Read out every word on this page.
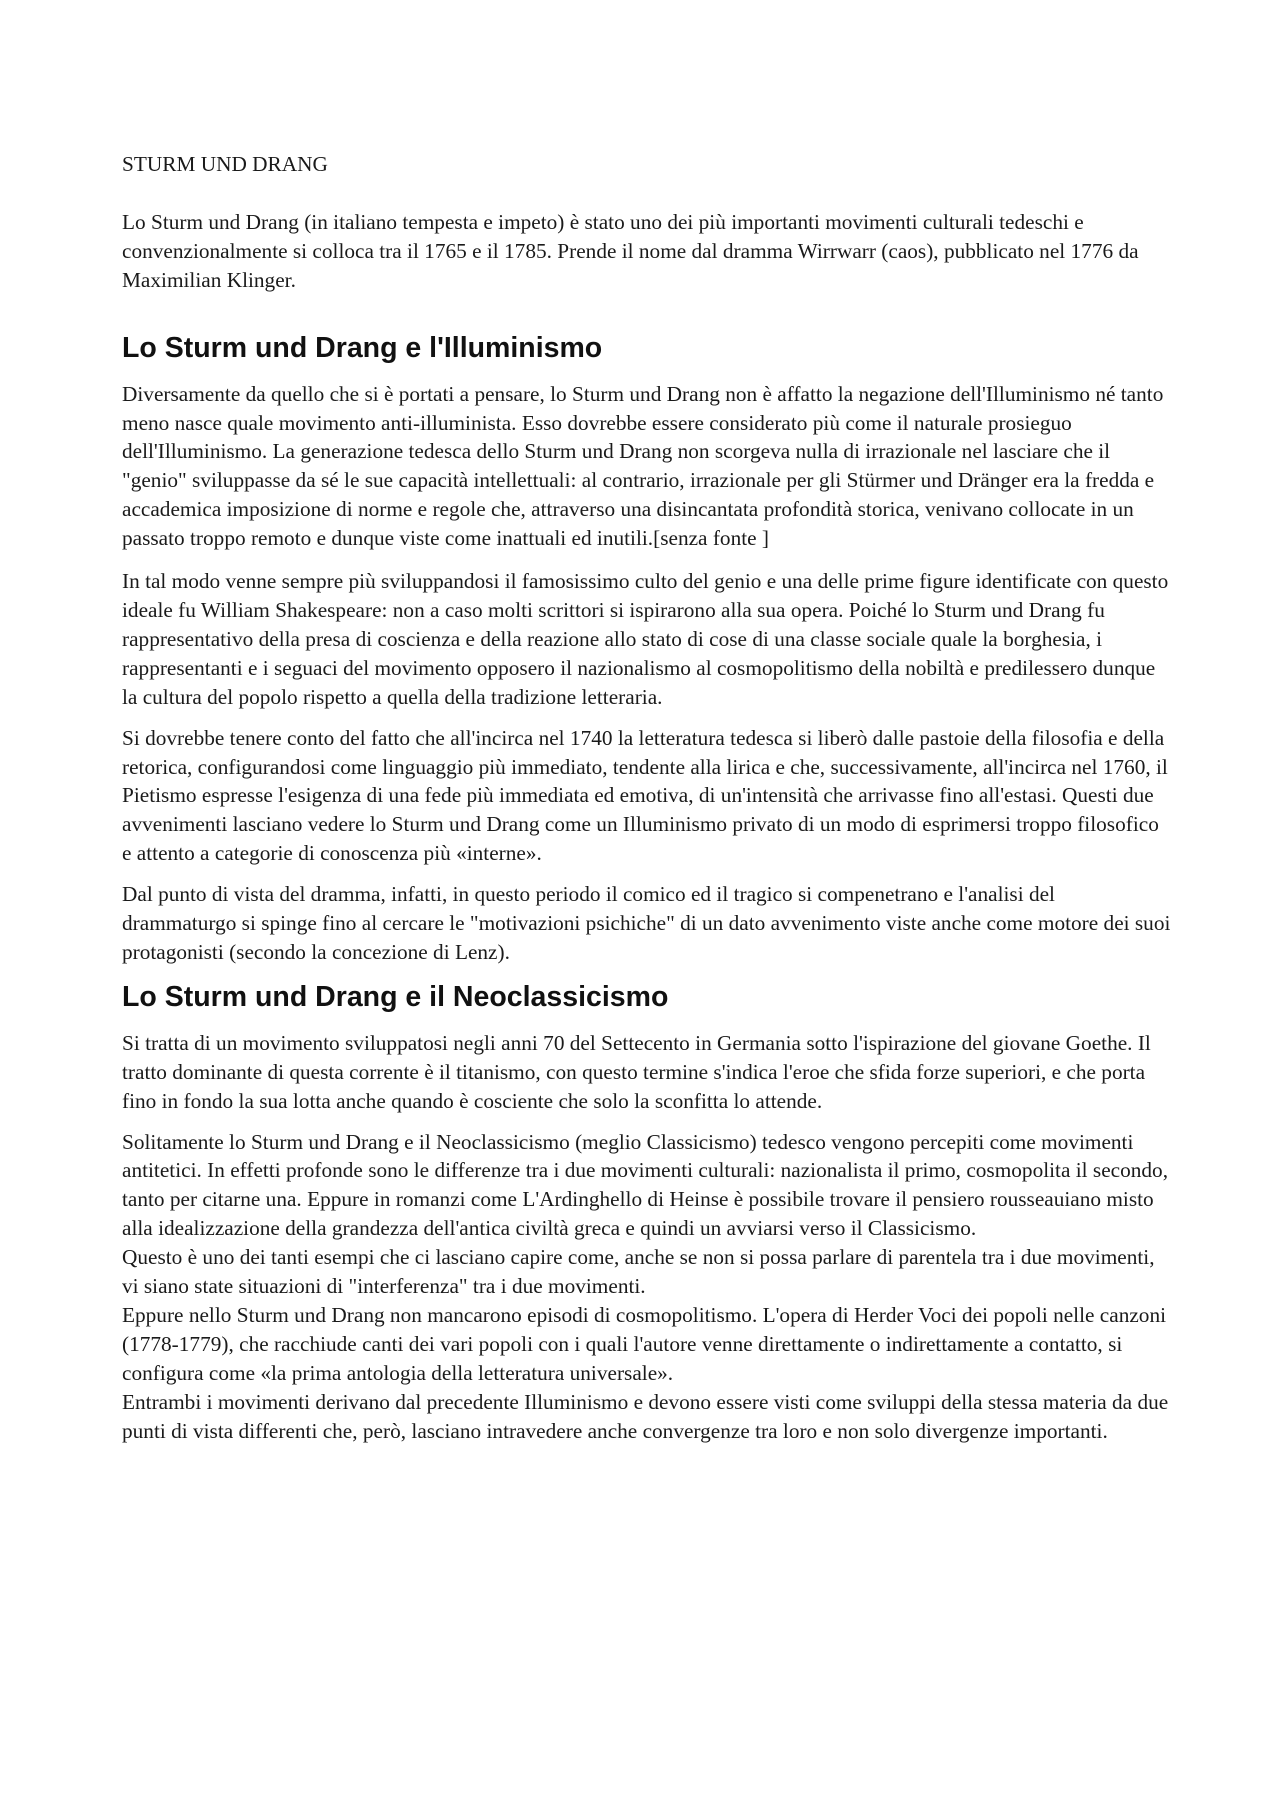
STURM UND DRANG

Lo Sturm und Drang (in italiano tempesta e impeto) è stato uno dei più importanti movimenti culturali tedeschi e convenzionalmente si colloca tra il 1765 e il 1785. Prende il nome dal dramma Wirrwarr (caos), pubblicato nel 1776 da Maximilian Klinger.

Lo Sturm und Drang e l'Illuminismo

Diversamente da quello che si è portati a pensare, lo Sturm und Drang non è affatto la negazione dell'Illuminismo né tanto meno nasce quale movimento anti-illuminista. Esso dovrebbe essere considerato più come il naturale prosieguo dell'Illuminismo. La generazione tedesca dello Sturm und Drang non scorgeva nulla di irrazionale nel lasciare che il "genio" sviluppasse da sé le sue capacità intellettuali: al contrario, irrazionale per gli Stürmer und Dränger era la fredda e accademica imposizione di norme e regole che, attraverso una disincantata profondità storica, venivano collocate in un passato troppo remoto e dunque viste come inattuali ed inutili.[senza fonte ]

In tal modo venne sempre più sviluppandosi il famosissimo culto del genio e una delle prime figure identificate con questo ideale fu William Shakespeare: non a caso molti scrittori si ispirarono alla sua opera. Poiché lo Sturm und Drang fu rappresentativo della presa di coscienza e della reazione allo stato di cose di una classe sociale quale la borghesia, i rappresentanti e i seguaci del movimento opposero il nazionalismo al cosmopolitismo della nobiltà e predilessero dunque la cultura del popolo rispetto a quella della tradizione letteraria.

Si dovrebbe tenere conto del fatto che all'incirca nel 1740 la letteratura tedesca si liberò dalle pastoie della filosofia e della retorica, configurandosi come linguaggio più immediato, tendente alla lirica e che, successivamente, all'incirca nel 1760, il Pietismo espresse l'esigenza di una fede più immediata ed emotiva, di un'intensità che arrivasse fino all'estasi. Questi due avvenimenti lasciano vedere lo Sturm und Drang come un Illuminismo privato di un modo di esprimersi troppo filosofico e attento a categorie di conoscenza più «interne».

Dal punto di vista del dramma, infatti, in questo periodo il comico ed il tragico si compenetrano e l'analisi del drammaturgo si spinge fino al cercare le "motivazioni psichiche" di un dato avvenimento viste anche come motore dei suoi protagonisti (secondo la concezione di Lenz).

Lo Sturm und Drang e il Neoclassicismo

Si tratta di un movimento sviluppatosi negli anni 70 del Settecento in Germania sotto l'ispirazione del giovane Goethe. Il tratto dominante di questa corrente è il titanismo, con questo termine s'indica l'eroe che sfida forze superiori, e che porta fino in fondo la sua lotta anche quando è cosciente che solo la sconfitta lo attende.

Solitamente lo Sturm und Drang e il Neoclassicismo (meglio Classicismo) tedesco vengono percepiti come movimenti antitetici. In effetti profonde sono le differenze tra i due movimenti culturali: nazionalista il primo, cosmopolita il secondo, tanto per citarne una. Eppure in romanzi come L'Ardinghello di Heinse è possibile trovare il pensiero rousseauiano misto alla idealizzazione della grandezza dell'antica civiltà greca e quindi un avviarsi verso il Classicismo.

Questo è uno dei tanti esempi che ci lasciano capire come, anche se non si possa parlare di parentela tra i due movimenti, vi siano state situazioni di "interferenza" tra i due movimenti.

Eppure nello Sturm und Drang non mancarono episodi di cosmopolitismo. L'opera di Herder Voci dei popoli nelle canzoni (1778-1779), che racchiude canti dei vari popoli con i quali l'autore venne direttamente o indirettamente a contatto, si configura come «la prima antologia della letteratura universale».

Entrambi i movimenti derivano dal precedente Illuminismo e devono essere visti come sviluppi della stessa materia da due punti di vista differenti che, però, lasciano intravedere anche convergenze tra loro e non solo divergenze importanti.
